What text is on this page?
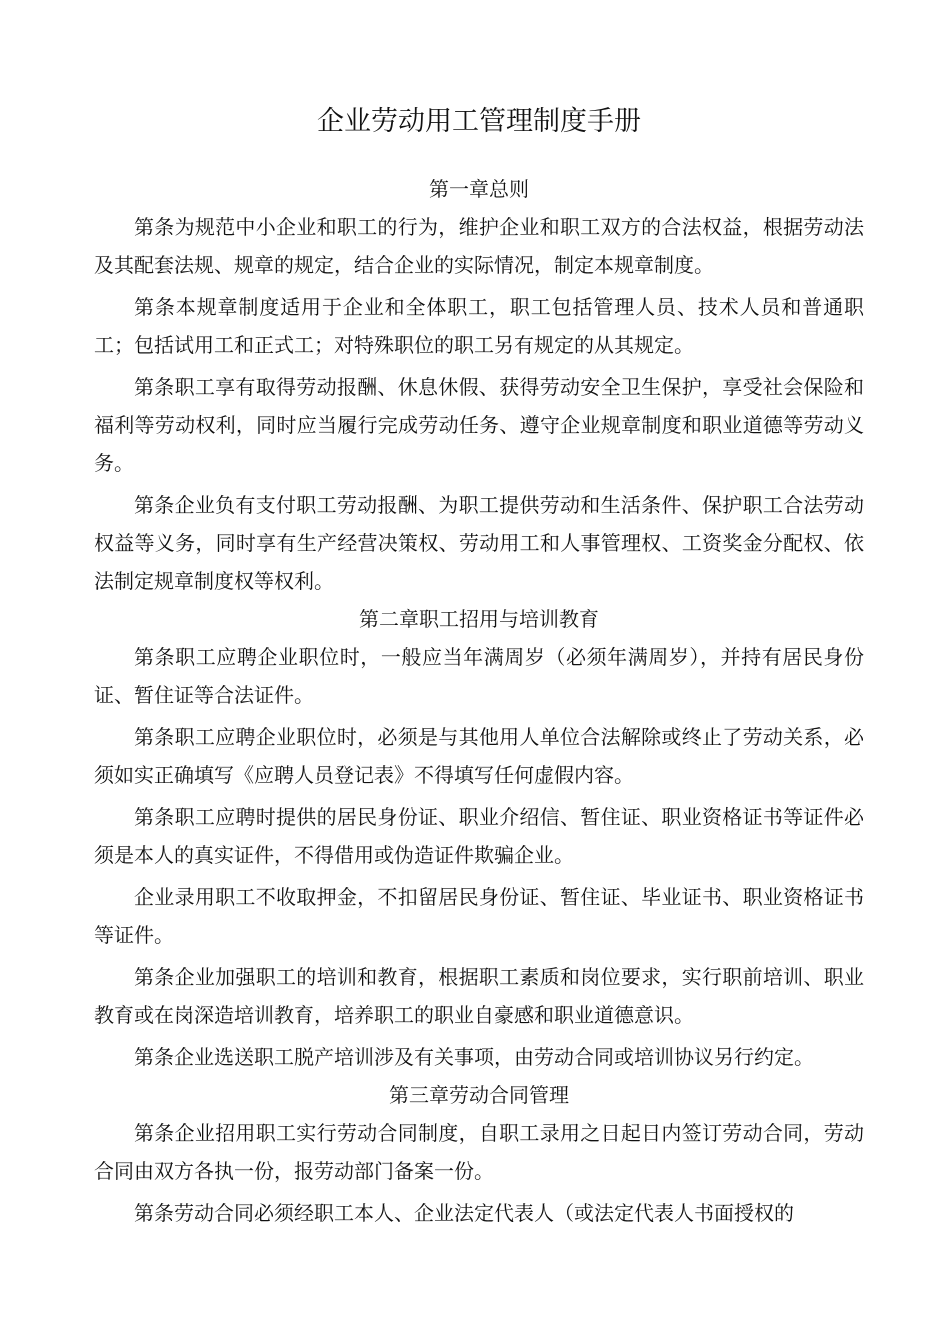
企业劳动用工管理制度手册
第一章总则

第条为规范中小企业和职工的行为，维护企业和职工双方的合法权益，根据劳动法及其配套法规、规章的规定，结合企业的实际情况，制定本规章制度。

第条本规章制度适用于企业和全体职工，职工包括管理人员、技术人员和普通职工；包括试用工和正式工；对特殊职位的职工另有规定的从其规定。

第条职工享有取得劳动报酬、休息休假、获得劳动安全卫生保护，享受社会保险和福利等劳动权利，同时应当履行完成劳动任务、遵守企业规章制度和职业道德等劳动义务。

第条企业负有支付职工劳动报酬、为职工提供劳动和生活条件、保护职工合法劳动权益等义务，同时享有生产经营决策权、劳动用工和人事管理权、工资奖金分配权、依法制定规章制度权等权利。

第二章职工招用与培训教育

第条职工应聘企业职位时，一般应当年满周岁（必须年满周岁），并持有居民身份证、暂住证等合法证件。

第条职工应聘企业职位时，必须是与其他用人单位合法解除或终止了劳动关系，必须如实正确填写《应聘人员登记表》不得填写任何虚假内容。

第条职工应聘时提供的居民身份证、职业介绍信、暂住证、职业资格证书等证件必须是本人的真实证件，不得借用或伪造证件欺骗企业。

企业录用职工不收取押金，不扣留居民身份证、暂住证、毕业证书、职业资格证书等证件。

第条企业加强职工的培训和教育，根据职工素质和岗位要求，实行职前培训、职业教育或在岗深造培训教育，培养职工的职业自豪感和职业道德意识。

第条企业选送职工脱产培训涉及有关事项，由劳动合同或培训协议另行约定。

第三章劳动合同管理

第条企业招用职工实行劳动合同制度，自职工录用之日起日内签订劳动合同，劳动合同由双方各执一份，报劳动部门备案一份。

第条劳动合同必须经职工本人、企业法定代表人（或法定代表人书面授权的
